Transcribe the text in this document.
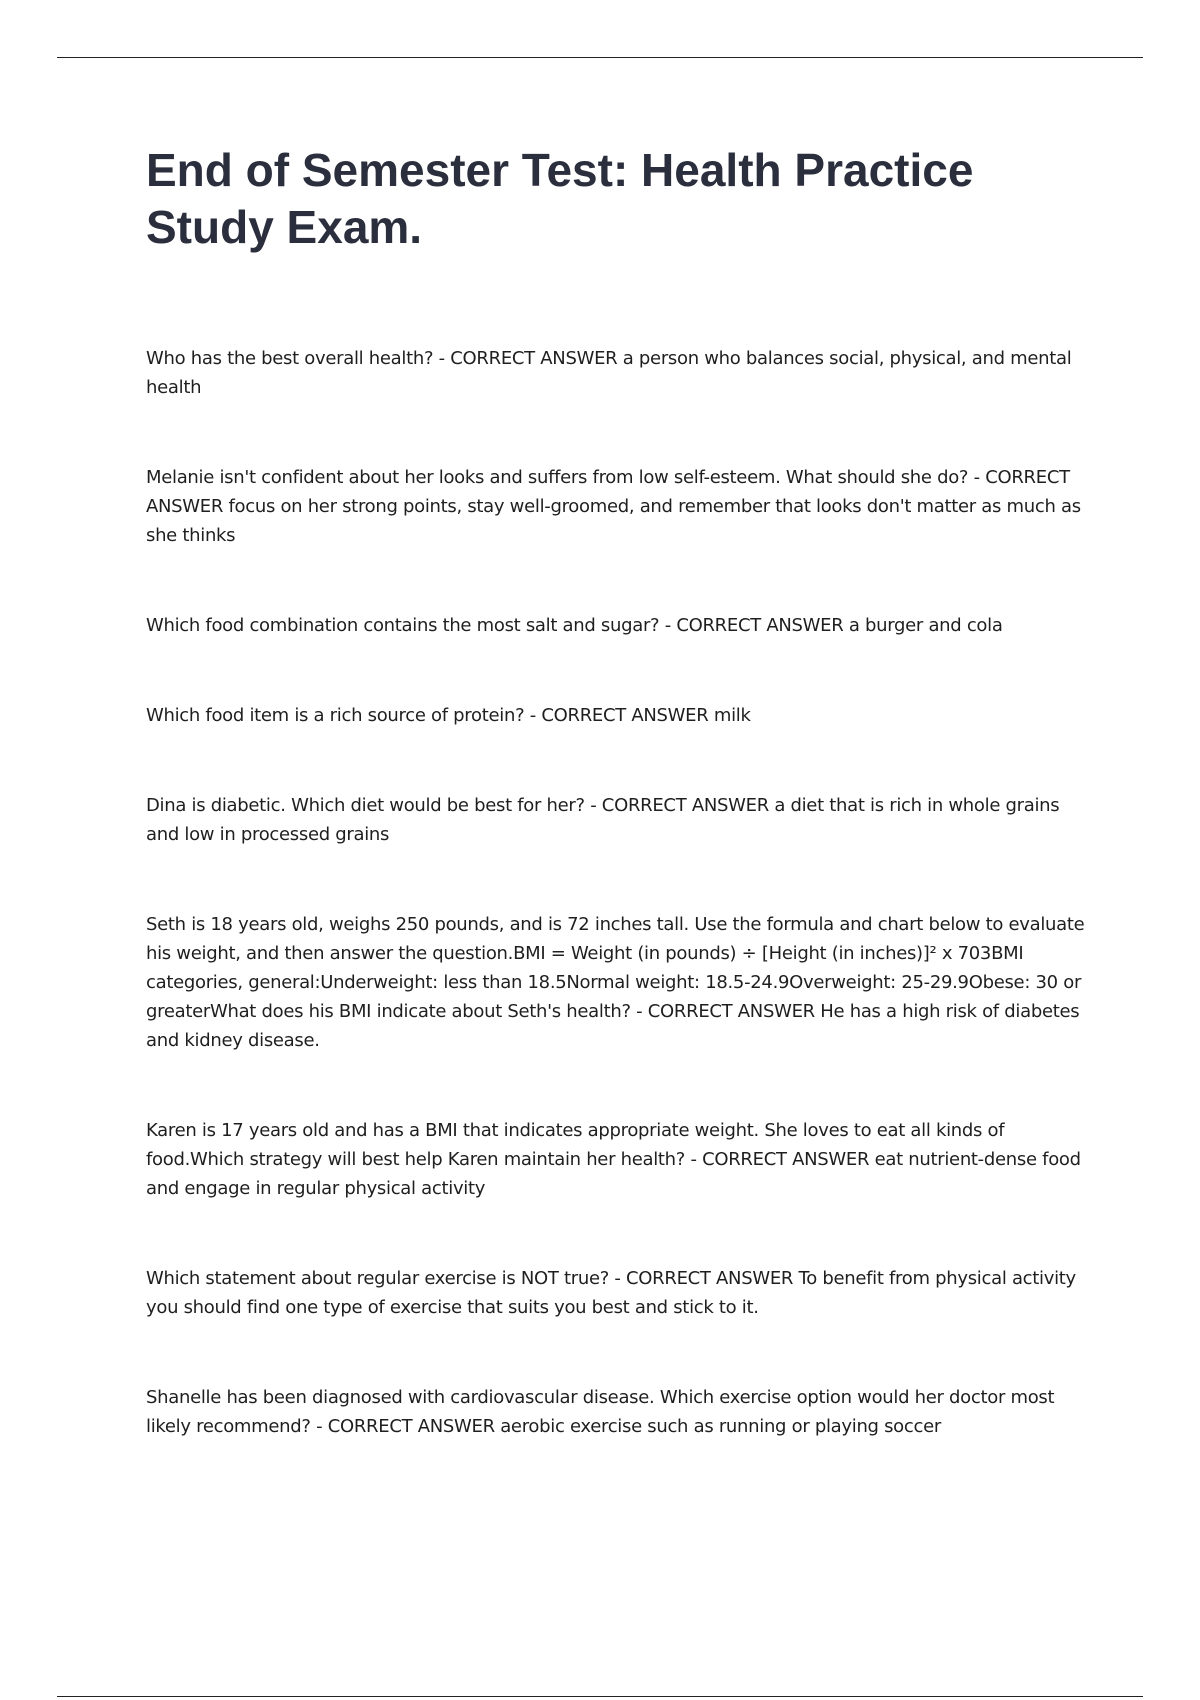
End of Semester Test: Health Practice Study Exam.

Who has the best overall health? - CORRECT ANSWER a person who balances social, physical, and mental health

Melanie isn't confident about her looks and suffers from low self-esteem. What should she do? - CORRECT ANSWER focus on her strong points, stay well-groomed, and remember that looks don't matter as much as she thinks

Which food combination contains the most salt and sugar? - CORRECT ANSWER a burger and cola

Which food item is a rich source of protein? - CORRECT ANSWER milk

Dina is diabetic. Which diet would be best for her? - CORRECT ANSWER a diet that is rich in whole grains and low in processed grains

Seth is 18 years old, weighs 250 pounds, and is 72 inches tall. Use the formula and chart below to evaluate his weight, and then answer the question.BMI = Weight (in pounds) ÷ [Height (in inches)]² x 703BMI categories, general:Underweight: less than 18.5Normal weight: 18.5-24.9Overweight: 25-29.9Obese: 30 or greaterWhat does his BMI indicate about Seth's health? - CORRECT ANSWER He has a high risk of diabetes and kidney disease.

Karen is 17 years old and has a BMI that indicates appropriate weight. She loves to eat all kinds of food.Which strategy will best help Karen maintain her health? - CORRECT ANSWER eat nutrient-dense food and engage in regular physical activity

Which statement about regular exercise is NOT true? - CORRECT ANSWER To benefit from physical activity you should find one type of exercise that suits you best and stick to it.

Shanelle has been diagnosed with cardiovascular disease. Which exercise option would her doctor most likely recommend? - CORRECT ANSWER aerobic exercise such as running or playing soccer
